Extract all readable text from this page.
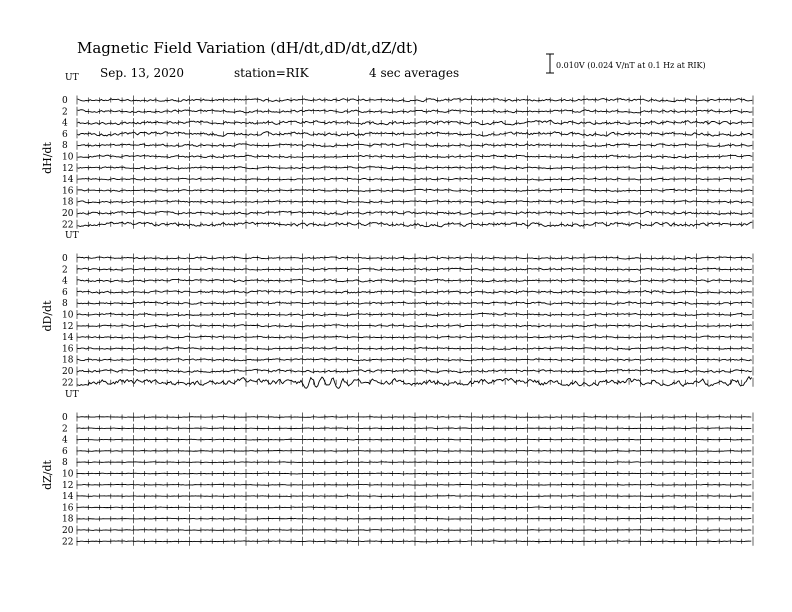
Magnetic Field Variation (dH/dt,dD/dt,dZ/dt)
Sep. 13, 2020	station=RIK	4 sec averages
0.010V (0.024 V/nT at 0.1 Hz at RIK)
UT
dH/dt
0
2
4
6
8
10
12
14
16
18
20
22
UT
dD/dt
0
2
4
6
8
10
12
14
16
18
20
22
UT
dZ/dt
0
2
4
6
8
10
12
14
16
18
20
22
